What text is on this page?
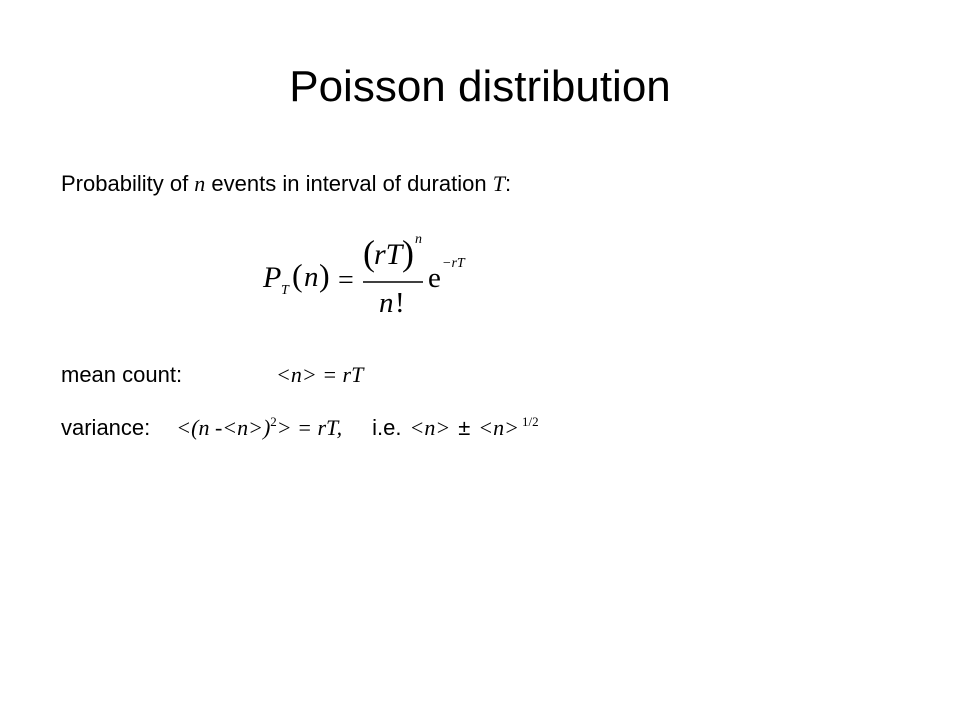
Poisson distribution
Probability of n events in interval of duration T:
P T ( n ) =
( rT ) n
n !
e −rT
mean count:	<n> = rT
variance: <(n -<n>)$^2$> = rT, i.e. <n> ± <n> $^{1/2}$
